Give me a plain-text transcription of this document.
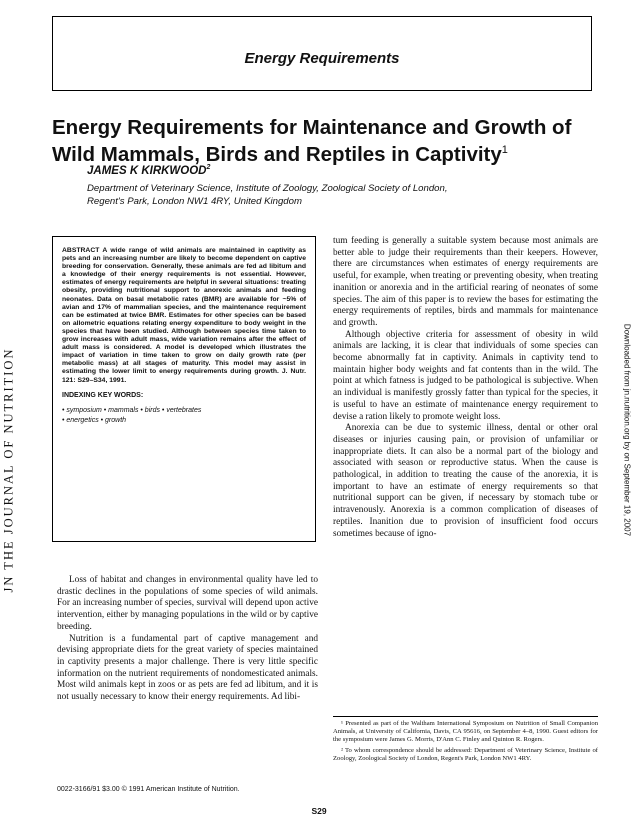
Energy Requirements
JN THE JOURNAL OF NUTRITION	Downloaded from jn.nutrition.org by on September 19, 2007
Energy Requirements for Maintenance and Growth of
Wild Mammals, Birds and Reptiles in Captivity$^1$
JAMES K KIRKWOOD$^2$
Department of Veterinary Science, Institute of Zoology, Zoological Society of London,
Regent's Park, London NW1 4RY, United Kingdom

ABSTRACT A wide range of wild animals are maintained in captivity as pets and an increasing number are likely to become dependent on captive breeding for conservation. Generally, these animals are fed ad libitum and a knowledge of their energy requirements is not essential. However, estimates of energy requirements are helpful in several situations: treating obesity, providing nutritional support to anorexic animals and feeding neonates. Data on basal metabolic rates (BMR) are available for ~5% of avian and 17% of mammalian species, and the maintenance requirement can be estimated at twice BMR. Estimates for other species can be based on allometric equations relating energy expenditure to body weight in the species that have been studied. Although between species time taken to grow increases with adult mass, wide variation remains after the effect of adult mass is considered. A model is developed which illustrates the impact of variation in time taken to grow on daily growth rate (per metabolic mass) at all stages of maturity. This model may assist in estimating the lower limit to energy requirements during growth. J. Nutr. 121: S29–S34, 1991.

INDEXING KEY WORDS:

• symposium • mammals • birds • vertebrates
• energetics • growth

Loss of habitat and changes in environmental quality have led to drastic declines in the populations of some species of wild animals. For an increasing number of species, survival will depend upon active intervention, either by managing populations in the wild or by captive breeding.

Nutrition is a fundamental part of captive management and devising appropriate diets for the great variety of species maintained in captivity presents a major challenge. There is very little specific information on the nutrient requirements of nondomesticated animals. Most wild animals kept in zoos or as pets are fed ad libitum, and it is not usually necessary to know their energy requirements. Ad libi-

tum feeding is generally a suitable system because most animals are better able to judge their requirements than their keepers. However, there are circumstances when estimates of energy requirements are useful, for example, when treating or preventing obesity, when treating inanition or anorexia and in the artificial rearing of neonates of some species. The aim of this paper is to review the bases for estimating the energy requirements of reptiles, birds and mammals for maintenance and growth.

Although objective criteria for assessment of obesity in wild animals are lacking, it is clear that individuals of some species can become abnormally fat in captivity. Animals in captivity tend to maintain higher body weights and fat contents than in the wild. The point at which fatness is judged to be pathological is subjective. When an individual is manifestly grossly fatter than typical for the species, it is useful to have an estimate of maintenance energy requirement to devise a ration likely to promote weight loss.

Anorexia can be due to systemic illness, dental or other oral diseases or injuries causing pain, or provision of unfamiliar or inappropriate diets. It can also be a normal part of the biology and associated with season or reproductive status. When the cause is pathological, in addition to treating the cause of the anorexia, it is important to have an estimate of energy requirements so that nutritional support can be given, if necessary by stomach tube or intravenously. Anorexia is a common complication of diseases of reptiles. Inanition due to provision of insufficient food occurs sometimes because of igno-

¹ Presented as part of the Waltham International Symposium on Nutrition of Small Companion Animals, at University of California, Davis, CA 95616, on September 4–8, 1990. Guest editors for the symposium were James G. Morris, D'Ann C. Finley and Quinton R. Rogers.

² To whom correspondence should be addressed: Department of Veterinary Science, Institute of Zoology, Zoological Society of London, Regent's Park, London NW1 4RY.

0022-3166/91 $3.00 © 1991 American Institute of Nutrition.
S29
